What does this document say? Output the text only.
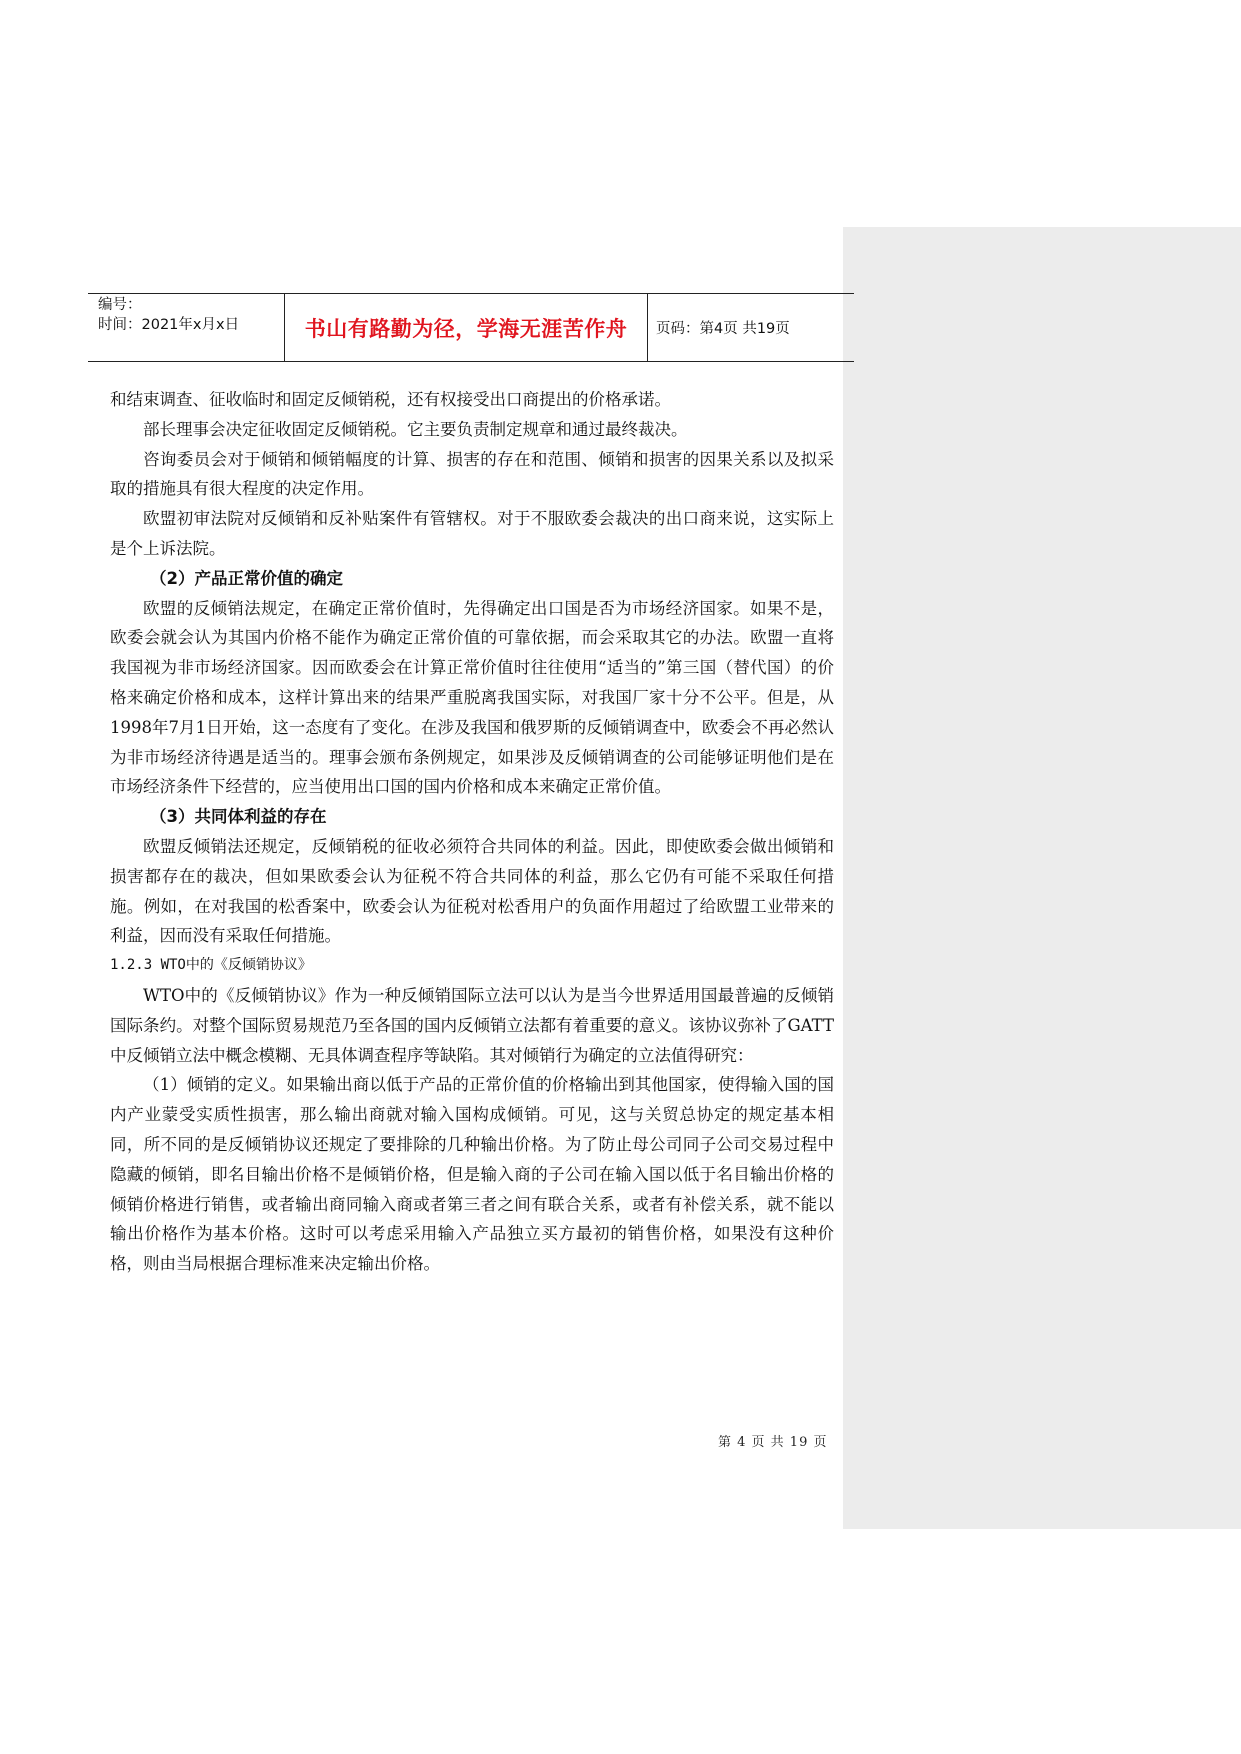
编号：
时间：2021年x月x日	书山有路勤为径，学海无涯苦作舟 页码：第4页 共19页

和结束调查、征收临时和固定反倾销税，还有权接受出口商提出的价格承诺。

部长理事会决定征收固定反倾销税。它主要负责制定规章和通过最终裁决。

咨询委员会对于倾销和倾销幅度的计算、损害的存在和范围、倾销和损害的因果关系以及拟采取的措施具有很大程度的决定作用。

欧盟初审法院对反倾销和反补贴案件有管辖权。对于不服欧委会裁决的出口商来说，这实际上是个上诉法院。

（2）产品正常价值的确定

欧盟的反倾销法规定，在确定正常价值时，先得确定出口国是否为市场经济国家。如果不是，欧委会就会认为其国内价格不能作为确定正常价值的可靠依据，而会采取其它的办法。欧盟一直将我国视为非市场经济国家。因而欧委会在计算正常价值时往往使用“适当的”第三国（替代国）的价格来确定价格和成本，这样计算出来的结果严重脱离我国实际，对我国厂家十分不公平。但是，从1998年7月1日开始，这一态度有了变化。在涉及我国和俄罗斯的反倾销调查中，欧委会不再必然认为非市场经济待遇是适当的。理事会颁布条例规定，如果涉及反倾销调查的公司能够证明他们是在市场经济条件下经营的，应当使用出口国的国内价格和成本来确定正常价值。

（3）共同体利益的存在

欧盟反倾销法还规定，反倾销税的征收必须符合共同体的利益。因此，即使欧委会做出倾销和损害都存在的裁决，但如果欧委会认为征税不符合共同体的利益，那么它仍有可能不采取任何措施。例如，在对我国的松香案中，欧委会认为征税对松香用户的负面作用超过了给欧盟工业带来的利益，因而没有采取任何措施。

1.2.3 WTO中的《反倾销协议》

WTO中的《反倾销协议》作为一种反倾销国际立法可以认为是当今世界适用国最普遍的反倾销国际条约。对整个国际贸易规范乃至各国的国内反倾销立法都有着重要的意义。该协议弥补了GATT中反倾销立法中概念模糊、无具体调查程序等缺陷。其对倾销行为确定的立法值得研究：

（1）倾销的定义。如果输出商以低于产品的正常价值的价格输出到其他国家，使得输入国的国内产业蒙受实质性损害，那么输出商就对输入国构成倾销。可见，这与关贸总协定的规定基本相同，所不同的是反倾销协议还规定了要排除的几种输出价格。为了防止母公司同子公司交易过程中隐藏的倾销，即名目输出价格不是倾销价格，但是输入商的子公司在输入国以低于名目输出价格的倾销价格进行销售，或者输出商同输入商或者第三者之间有联合关系，或者有补偿关系，就不能以输出价格作为基本价格。这时可以考虑采用输入产品独立买方最初的销售价格，如果没有这种价格，则由当局根据合理标准来决定输出价格。

第 4 页 共 19 页
